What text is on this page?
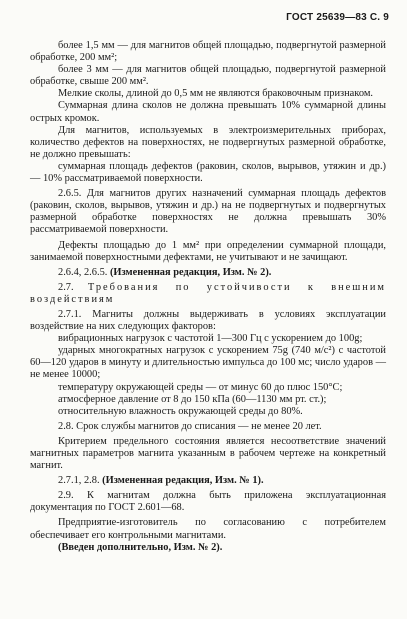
ГОСТ 25639—83 С. 9

более 1,5 мм — для магнитов общей площадью, подвергнутой размерной обработке, 200 мм²;

более 3 мм — для магнитов общей площадью, подвергнутой размерной обработке, свыше 200 мм².

Мелкие сколы, длиной до 0,5 мм не являются браковочным признаком.

Суммарная длина сколов не должна превышать 10% суммарной длины острых кромок.

Для магнитов, используемых в электроизмерительных приборах, количество дефектов на поверхностях, не подвергнутых размерной обработке, не должно превышать:

суммарная площадь дефектов (раковин, сколов, вырывов, утяжин и др.) — 10% рассматриваемой поверхности.

2.6.5. Для магнитов других назначений суммарная площадь дефектов (раковин, сколов, вырывов, утяжин и др.) на не подвергнутых и подвергнутых размерной обработке поверхностях не должна превышать 30% рассматриваемой поверхности.

Дефекты площадью до 1 мм² при определении суммарной площади, занимаемой поверхностными дефектами, не учитывают и не зачищают.

2.6.4, 2.6.5. (Измененная редакция, Изм. № 2).

2.7. Требования по устойчивости к внешним воздействиям

2.7.1. Магниты должны выдерживать в условиях эксплуатации воздействие на них следующих факторов:

вибрационных нагрузок с частотой 1—300 Гц с ускорением до 100g;

ударных многократных нагрузок с ускорением 75g (740 м/с²) с частотой 60—120 ударов в минуту и длительностью импульса до 100 мс; число ударов — не менее 10000;

температуру окружающей среды — от минус 60 до плюс 150°С;

атмосферное давление от 8 до 150 кПа (60—1130 мм рт. ст.);

относительную влажность окружающей среды до 80%.

2.8. Срок службы магнитов до списания — не менее 20 лет.

Критерием предельного состояния является несоответствие значений магнитных параметров магнита указанным в рабочем чертеже на конкретный магнит.

2.7.1, 2.8. (Измененная редакция, Изм. № 1).

2.9. К магнитам должна быть приложена эксплуатационная документация по ГОСТ 2.601—68.

Предприятие-изготовитель по согласованию с потребителем обеспечивает его контрольными магнитами.

(Введен дополнительно, Изм. № 2).
